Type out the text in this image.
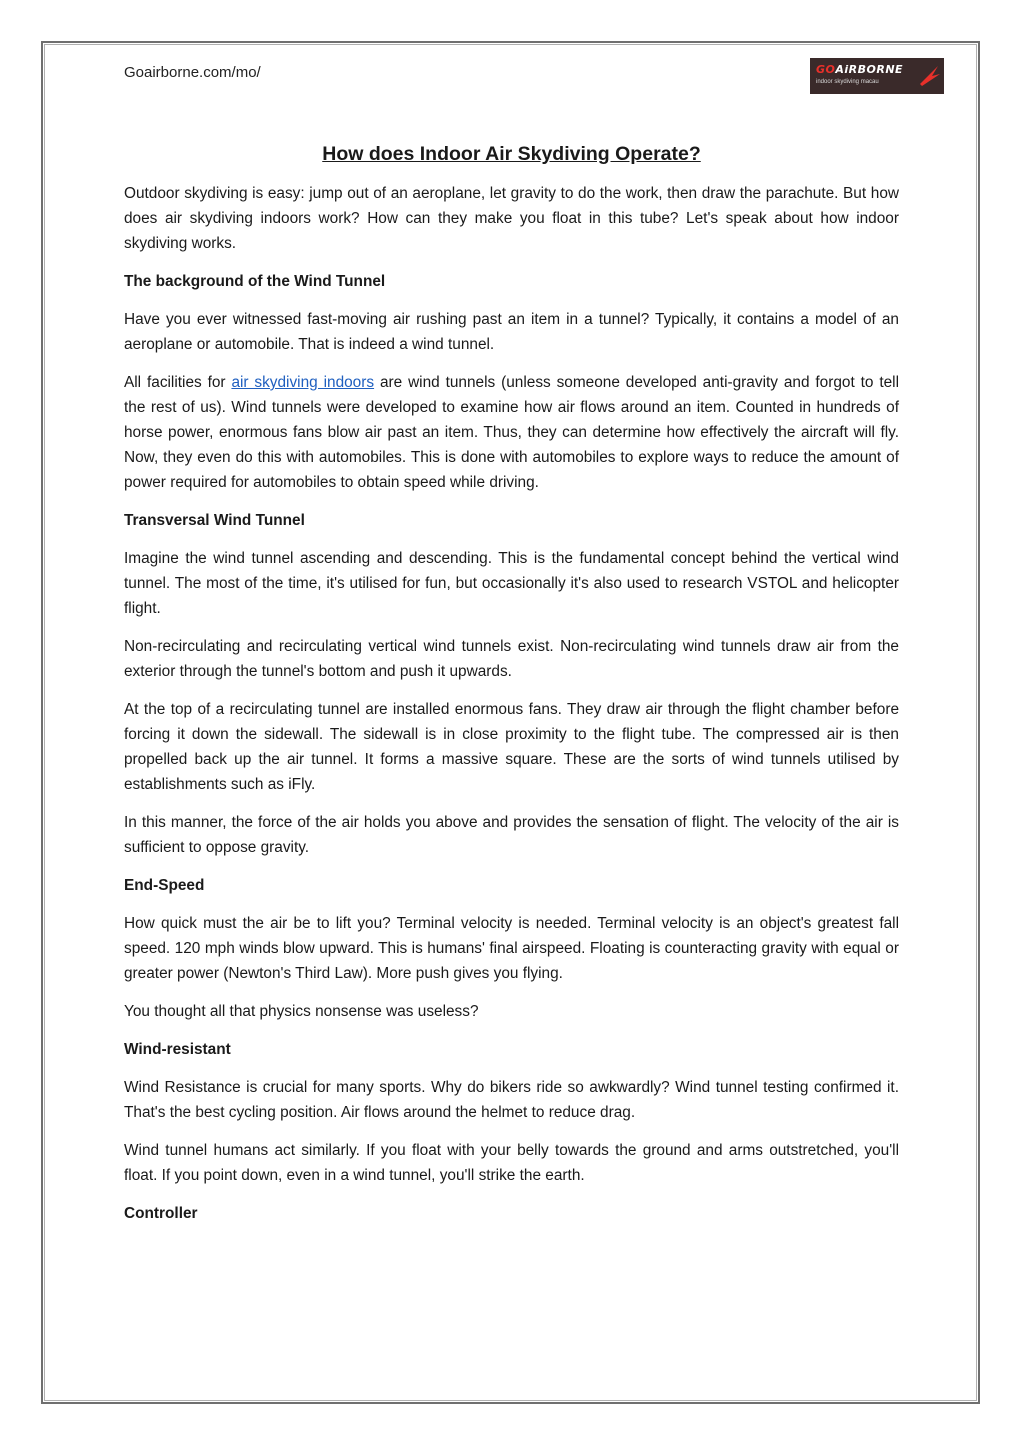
Goairborne.com/mo/	GOAiRBORNE
indoor skydiving macau
How does Indoor Air Skydiving Operate?

Outdoor skydiving is easy: jump out of an aeroplane, let gravity to do the work, then draw the parachute. But how does air skydiving indoors work? How can they make you float in this tube? Let's speak about how indoor skydiving works.

The background of the Wind Tunnel

Have you ever witnessed fast-moving air rushing past an item in a tunnel? Typically, it contains a model of an aeroplane or automobile. That is indeed a wind tunnel.

All facilities for air skydiving indoors are wind tunnels (unless someone developed anti-gravity and forgot to tell the rest of us). Wind tunnels were developed to examine how air flows around an item. Counted in hundreds of horse power, enormous fans blow air past an item. Thus, they can determine how effectively the aircraft will fly. Now, they even do this with automobiles. This is done with automobiles to explore ways to reduce the amount of power required for automobiles to obtain speed while driving.

Transversal Wind Tunnel

Imagine the wind tunnel ascending and descending. This is the fundamental concept behind the vertical wind tunnel. The most of the time, it's utilised for fun, but occasionally it's also used to research VSTOL and helicopter flight.

Non-recirculating and recirculating vertical wind tunnels exist. Non-recirculating wind tunnels draw air from the exterior through the tunnel's bottom and push it upwards.

At the top of a recirculating tunnel are installed enormous fans. They draw air through the flight chamber before forcing it down the sidewall. The sidewall is in close proximity to the flight tube. The compressed air is then propelled back up the air tunnel. It forms a massive square. These are the sorts of wind tunnels utilised by establishments such as iFly.

In this manner, the force of the air holds you above and provides the sensation of flight. The velocity of the air is sufficient to oppose gravity.

End-Speed

How quick must the air be to lift you? Terminal velocity is needed. Terminal velocity is an object's greatest fall speed. 120 mph winds blow upward. This is humans' final airspeed. Floating is counteracting gravity with equal or greater power (Newton's Third Law). More push gives you flying.

You thought all that physics nonsense was useless?

Wind-resistant

Wind Resistance is crucial for many sports. Why do bikers ride so awkwardly? Wind tunnel testing confirmed it. That's the best cycling position. Air flows around the helmet to reduce drag.

Wind tunnel humans act similarly. If you float with your belly towards the ground and arms outstretched, you'll float. If you point down, even in a wind tunnel, you'll strike the earth.

Controller
